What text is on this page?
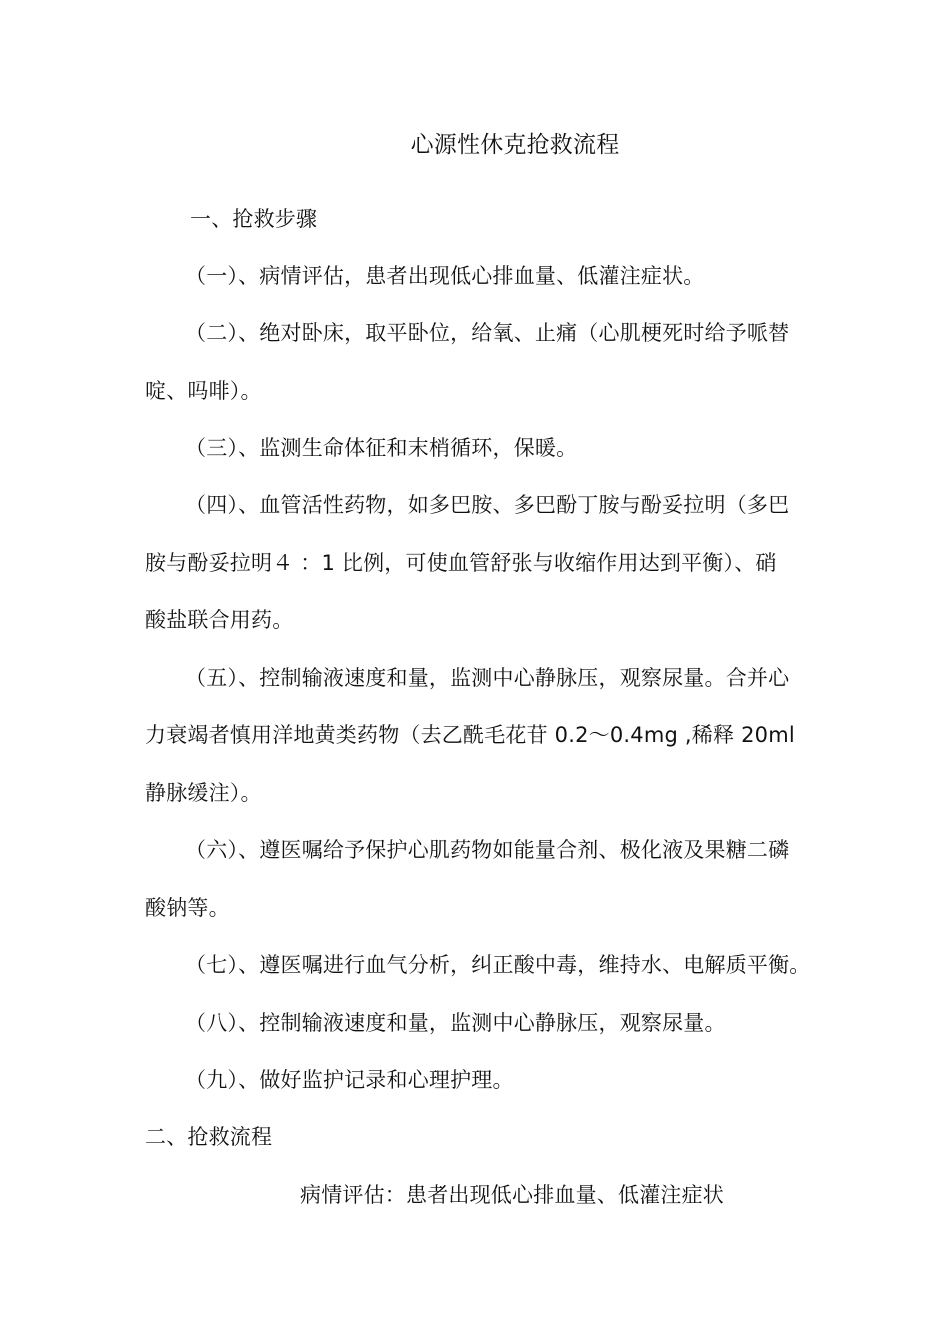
心源性休克抢救流程
一、抢救步骤
（一）、病情评估，患者出现低心排血量、低灌注症状。
（二）、绝对卧床，取平卧位，给氧、止痛（心肌梗死时给予哌替
啶、吗啡）。
（三）、监测生命体征和末梢循环，保暖。
（四）、血管活性药物，如多巴胺、多巴酚丁胺与酚妥拉明（多巴
胺与酚妥拉明４ ：1 比例，可使血管舒张与收缩作用达到平衡）、硝
酸盐联合用药。
（五）、控制输液速度和量，监测中心静脉压，观察尿量。合并心
力衰竭者慎用洋地黄类药物（去乙酰毛花苷 0.2～0.4mg ,稀释 20ml
静脉缓注）。
（六）、遵医嘱给予保护心肌药物如能量合剂、极化液及果糖二磷
酸钠等。
（七）、遵医嘱进行血气分析，纠正酸中毒，维持水、电解质平衡。
（八）、控制输液速度和量，监测中心静脉压，观察尿量。
（九）、做好监护记录和心理护理。
二、抢救流程
病情评估：患者出现低心排血量、低灌注症状
